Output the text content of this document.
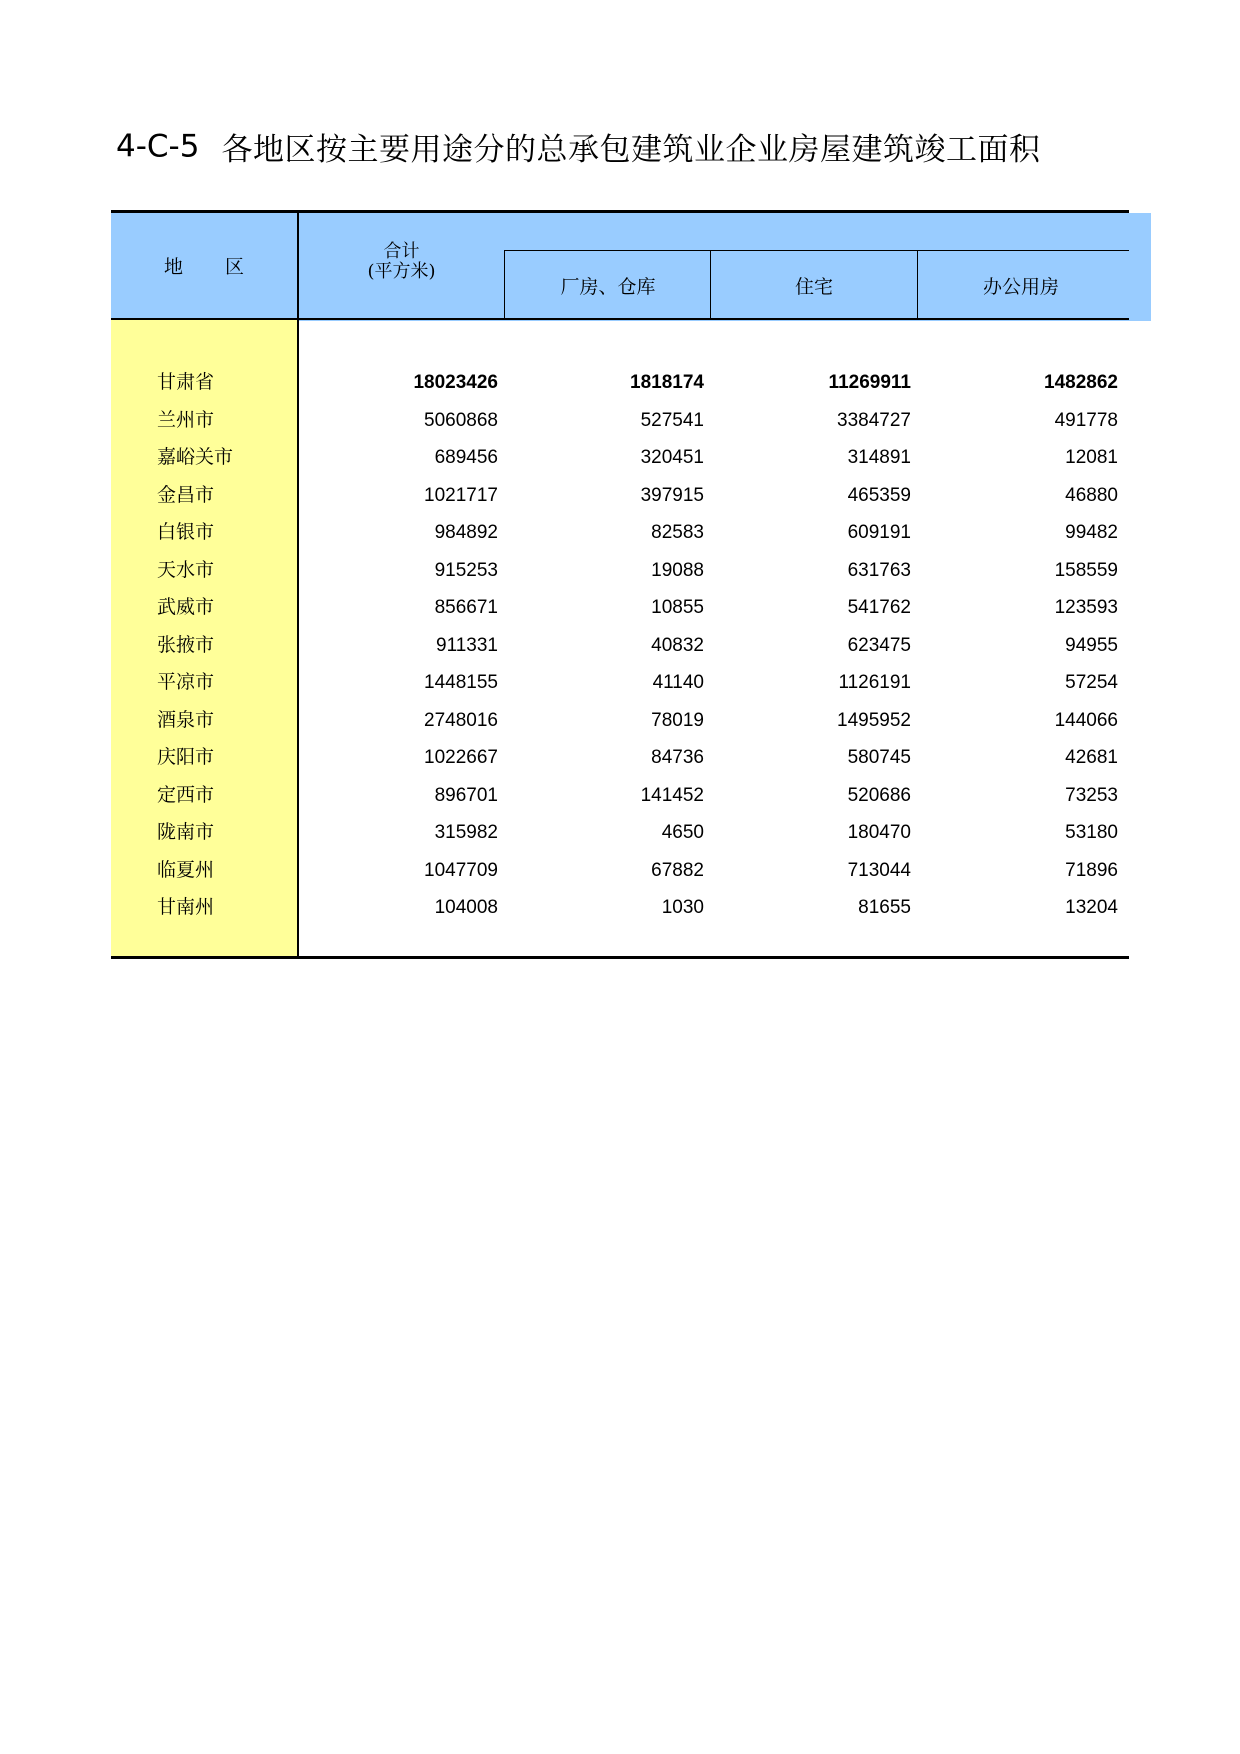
4-C-5 各地区按主要用途分的总承包建筑业企业房屋建筑竣工面积
地 区
合计
(平方米)
厂房、仓库	住宅	办公用房
甘肃省	18023426	1818174	11269911	1482862
兰州市	5060868	527541	3384727	491778
嘉峪关市	689456	320451	314891	12081
金昌市	1021717	397915	465359	46880
白银市	984892	82583	609191	99482
天水市	915253	19088	631763	158559
武威市	856671	10855	541762	123593
张掖市	911331	40832	623475	94955
平凉市	1448155	41140	1126191	57254
酒泉市	2748016	78019	1495952	144066
庆阳市	1022667	84736	580745	42681
定西市	896701	141452	520686	73253
陇南市	315982	4650	180470	53180
临夏州	1047709	67882	713044	71896
甘南州	104008	1030	81655	13204
